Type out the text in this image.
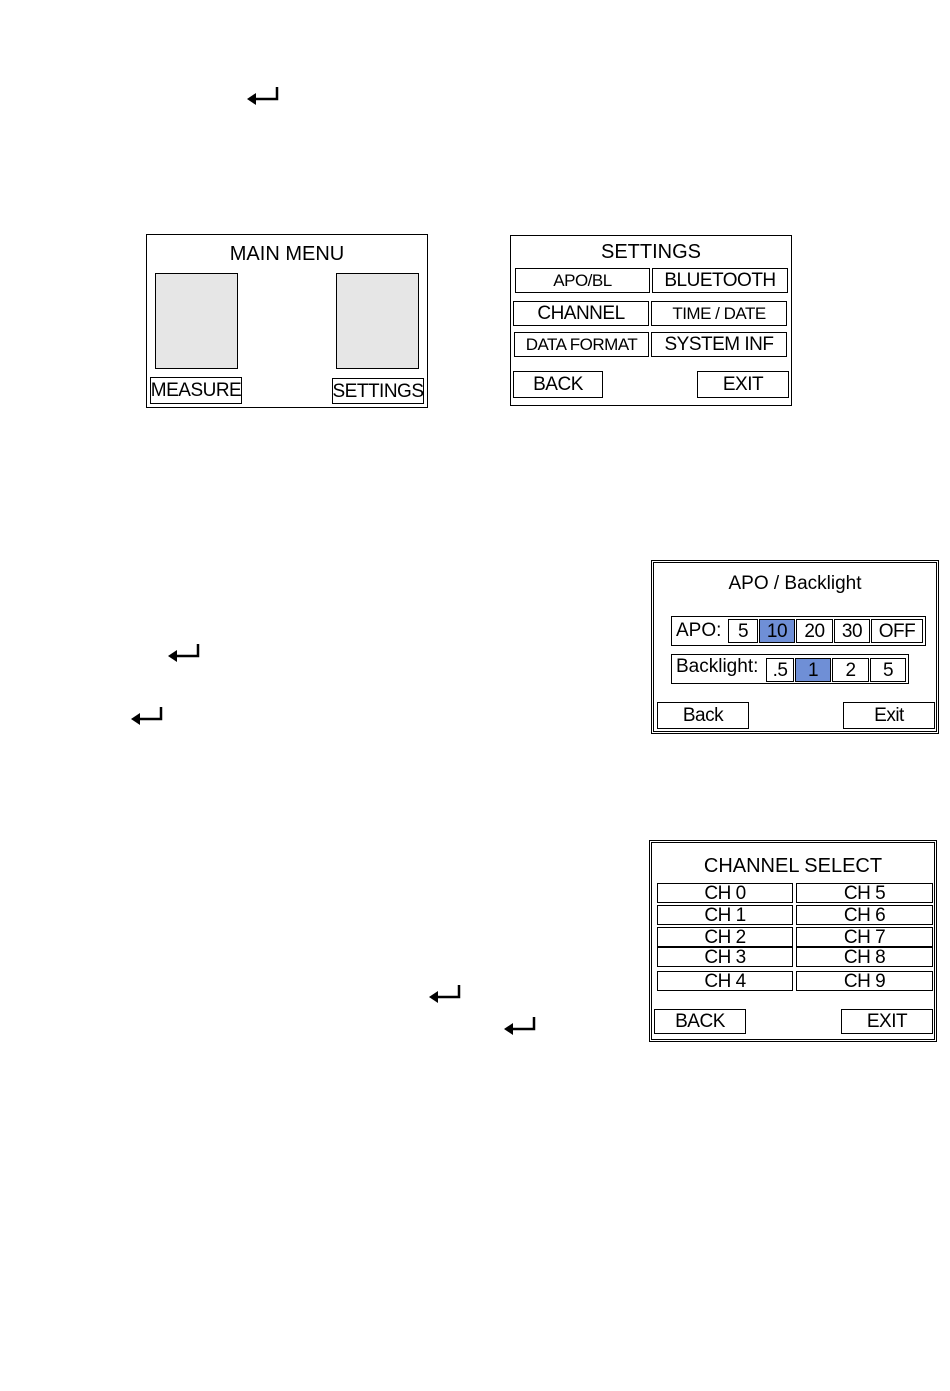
MAIN MENU
MEASURE	SETTINGS
SETTINGS
APO/BL	BLUETOOTH
CHANNEL	TIME / DATE
DATA FORMAT	SYSTEM INF
BACK	EXIT
APO / Backlight
APO: 5 10 20 30 OFF
Backlight: .5	1	2	5
Back	Exit
CHANNEL SELECT
CH 0	CH 5
CH 1	CH 6
CH 2	CH 7
CH 3	CH 8
CH 4	CH 9
BACK	EXIT
